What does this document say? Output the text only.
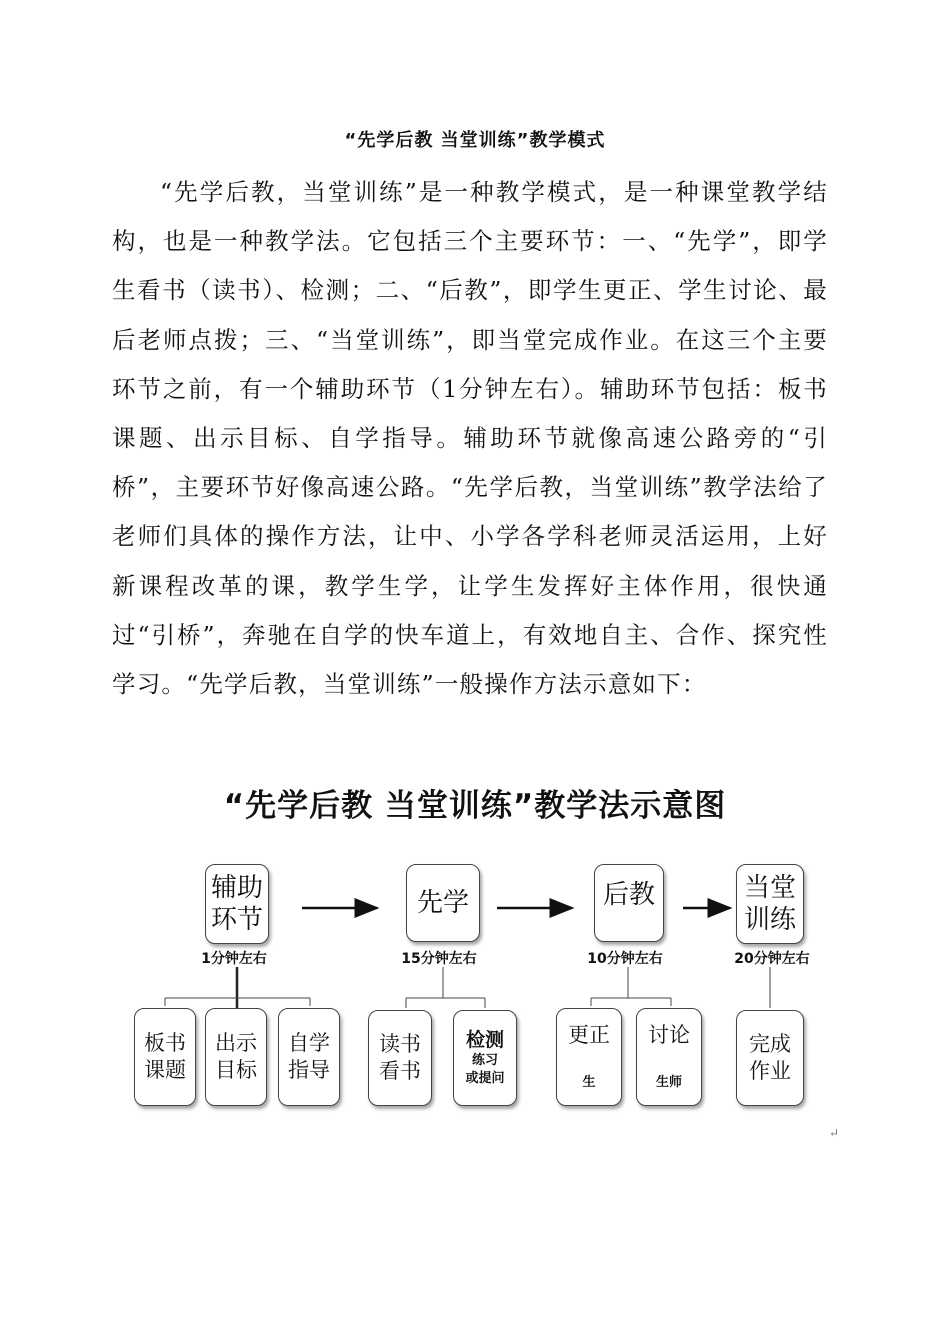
“先学后教 当堂训练”教学模式

“先学后教，当堂训练”是一种教学模式，是一种课堂教学结构，也是一种教学法。它包括三个主要环节：一、“先学”，即学生看书（读书）、检测；二、“后教”，即学生更正、学生讨论、最后老师点拨；三、“当堂训练”，即当堂完成作业。在这三个主要环节之前，有一个辅助环节（1分钟左右）。辅助环节包括：板书课题、出示目标、自学指导。辅助环节就像高速公路旁的“引桥”，主要环节好像高速公路。“先学后教，当堂训练”教学法给了老师们具体的操作方法，让中、小学各学科老师灵活运用，上好新课程改革的课，教学生学，让学生发挥好主体作用，很快通过“引桥”，奔驰在自学的快车道上，有效地自主、合作、探究性学习。“先学后教，当堂训练”一般操作方法示意如下：

“先学后教 当堂训练”教学法示意图
辅助
环节
1分钟左右
先学
15分钟左右
后教
10分钟左右
当堂
训练
20分钟左右
板书
课题
出示
目标
自学
指导
读书
看书
检测
练习
或提问
更正
生
讨论
生师
完成
作业
↵
